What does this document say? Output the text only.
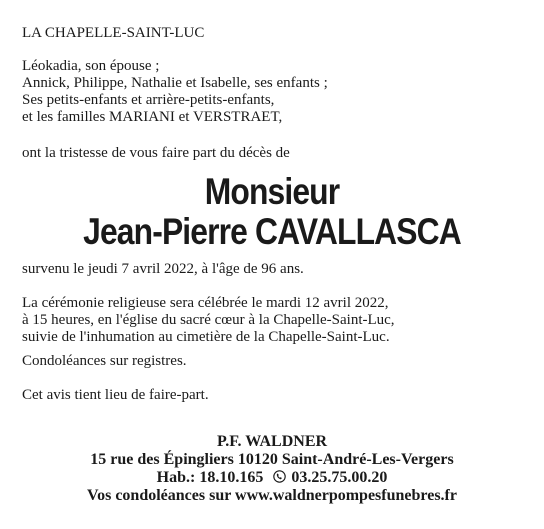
LA CHAPELLE-SAINT-LUC

Léokadia, son épouse ;
Annick, Philippe, Nathalie et Isabelle, ses enfants ;
Ses petits-enfants et arrière-petits-enfants,
et les familles MARIANI et VERSTRAET,

ont la tristesse de vous faire part du décès de

Monsieur

Jean-Pierre CAVALLASCA

survenu le jeudi 7 avril 2022, à l'âge de 96 ans.

La cérémonie religieuse sera célébrée le mardi 12 avril 2022,
à 15 heures, en l'église du sacré cœur à la Chapelle-Saint-Luc,
suivie de l'inhumation au cimetière de la Chapelle-Saint-Luc.

Condoléances sur registres.

Cet avis tient lieu de faire-part.

P.F. WALDNER
15 rue des Épingliers 10120 Saint-André-Les-Vergers
Hab.: 18.10.165 03.25.75.00.20
Vos condoléances sur www.waldnerpompesfunebres.fr
